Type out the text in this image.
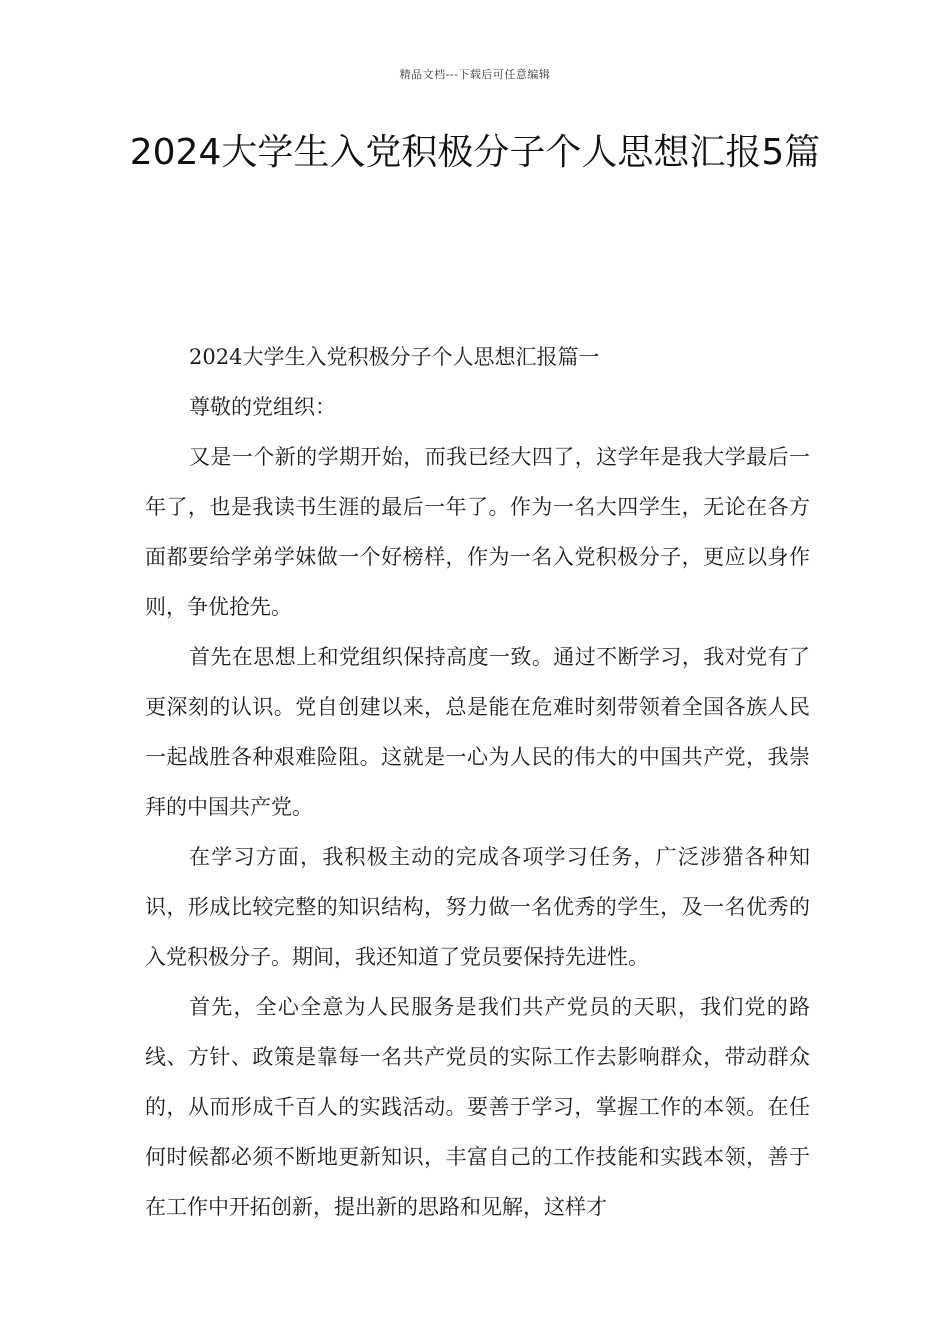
精品文档---下载后可任意编辑
2024大学生入党积极分子个人思想汇报5篇

2024大学生入党积极分子个人思想汇报篇一

尊敬的党组织：

又是一个新的学期开始，而我已经大四了，这学年是我大学最后一年了，也是我读书生涯的最后一年了。作为一名大四学生，无论在各方面都要给学弟学妹做一个好榜样，作为一名入党积极分子，更应以身作则，争优抢先。

首先在思想上和党组织保持高度一致。通过不断学习，我对党有了更深刻的认识。党自创建以来，总是能在危难时刻带领着全国各族人民一起战胜各种艰难险阻。这就是一心为人民的伟大的中国共产党，我崇拜的中国共产党。

在学习方面，我积极主动的完成各项学习任务，广泛涉猎各种知识，形成比较完整的知识结构，努力做一名优秀的学生，及一名优秀的入党积极分子。期间，我还知道了党员要保持先进性。

首先，全心全意为人民服务是我们共产党员的天职，我们党的路线、方针、政策是靠每一名共产党员的实际工作去影响群众，带动群众的，从而形成千百人的实践活动。要善于学习，掌握工作的本领。在任何时候都必须不断地更新知识，丰富自己的工作技能和实践本领，善于在工作中开拓创新，提出新的思路和见解，这样才
